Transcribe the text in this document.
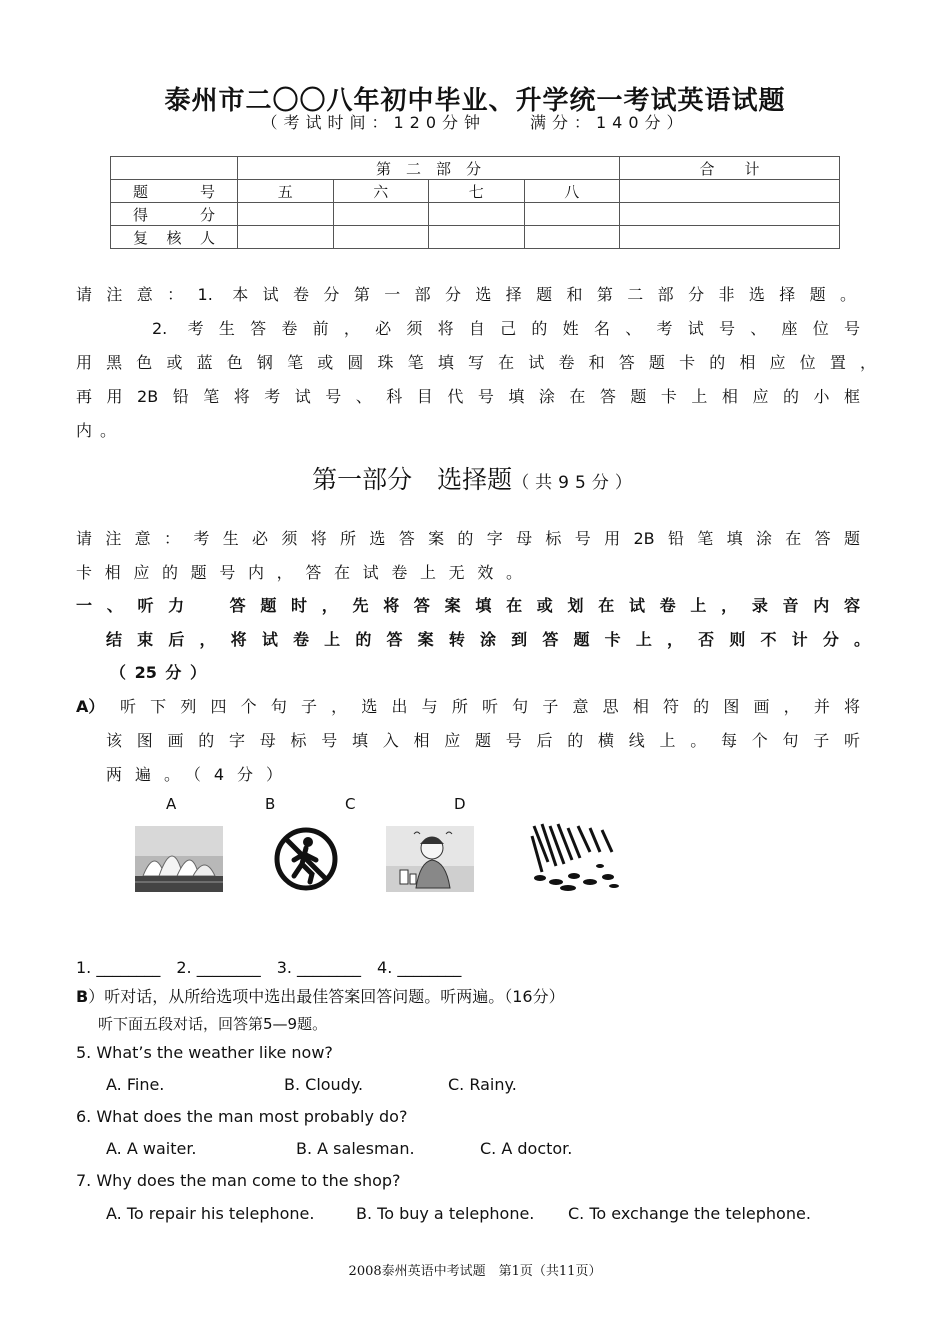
泰州市二〇〇八年初中毕业、升学统一考试英语试题
（考试时间：120分钟　　满分：140分）
	第　二　部　分				合　　计
题　号	五	六	七	八	
得　分					
复核人					
请注意：1. 本试卷分第一部分选择题和第二部分非选择题。
2. 考生答卷前，必须将自己的姓名、考试号、座位号
用黑色或蓝色钢笔或圆珠笔填写在试卷和答题卡的相应位置，
再用2B铅笔将考试号、科目代号填涂在答题卡上相应的小框
内。
第一部分　选择题（共95分）
请注意：考生必须将所选答案的字母标号用2B铅笔填涂在答题
卡相应的题号内，答在试卷上无效。
一、听力　答题时，先将答案填在或划在试卷上，录音内容
结束后，将试卷上的答案转涂到答题卡上，否则不计分。
（25分）
A） 听下列四个句子，选出与所听句子意思相符的图画，并将
该图画的字母标号填入相应题号后的横线上。每个句子听
两遍。（4分）
A	B	C	D
1. ________　2. ________　3. ________　4. ________
B）听对话，从所给选项中选出最佳答案回答问题。听两遍。（16分）
听下面五段对话，回答第5—9题。
5. What’s the weather like now?
A. Fine.	B. Cloudy.	C. Rainy.
6. What does the man most probably do?
A. A waiter.	B. A salesman.	C. A doctor.
7. Why does the man come to the shop?
A. To repair his telephone.	B. To buy a telephone. C. To exchange the telephone.
2008泰州英语中考试题　第1页（共11页）
